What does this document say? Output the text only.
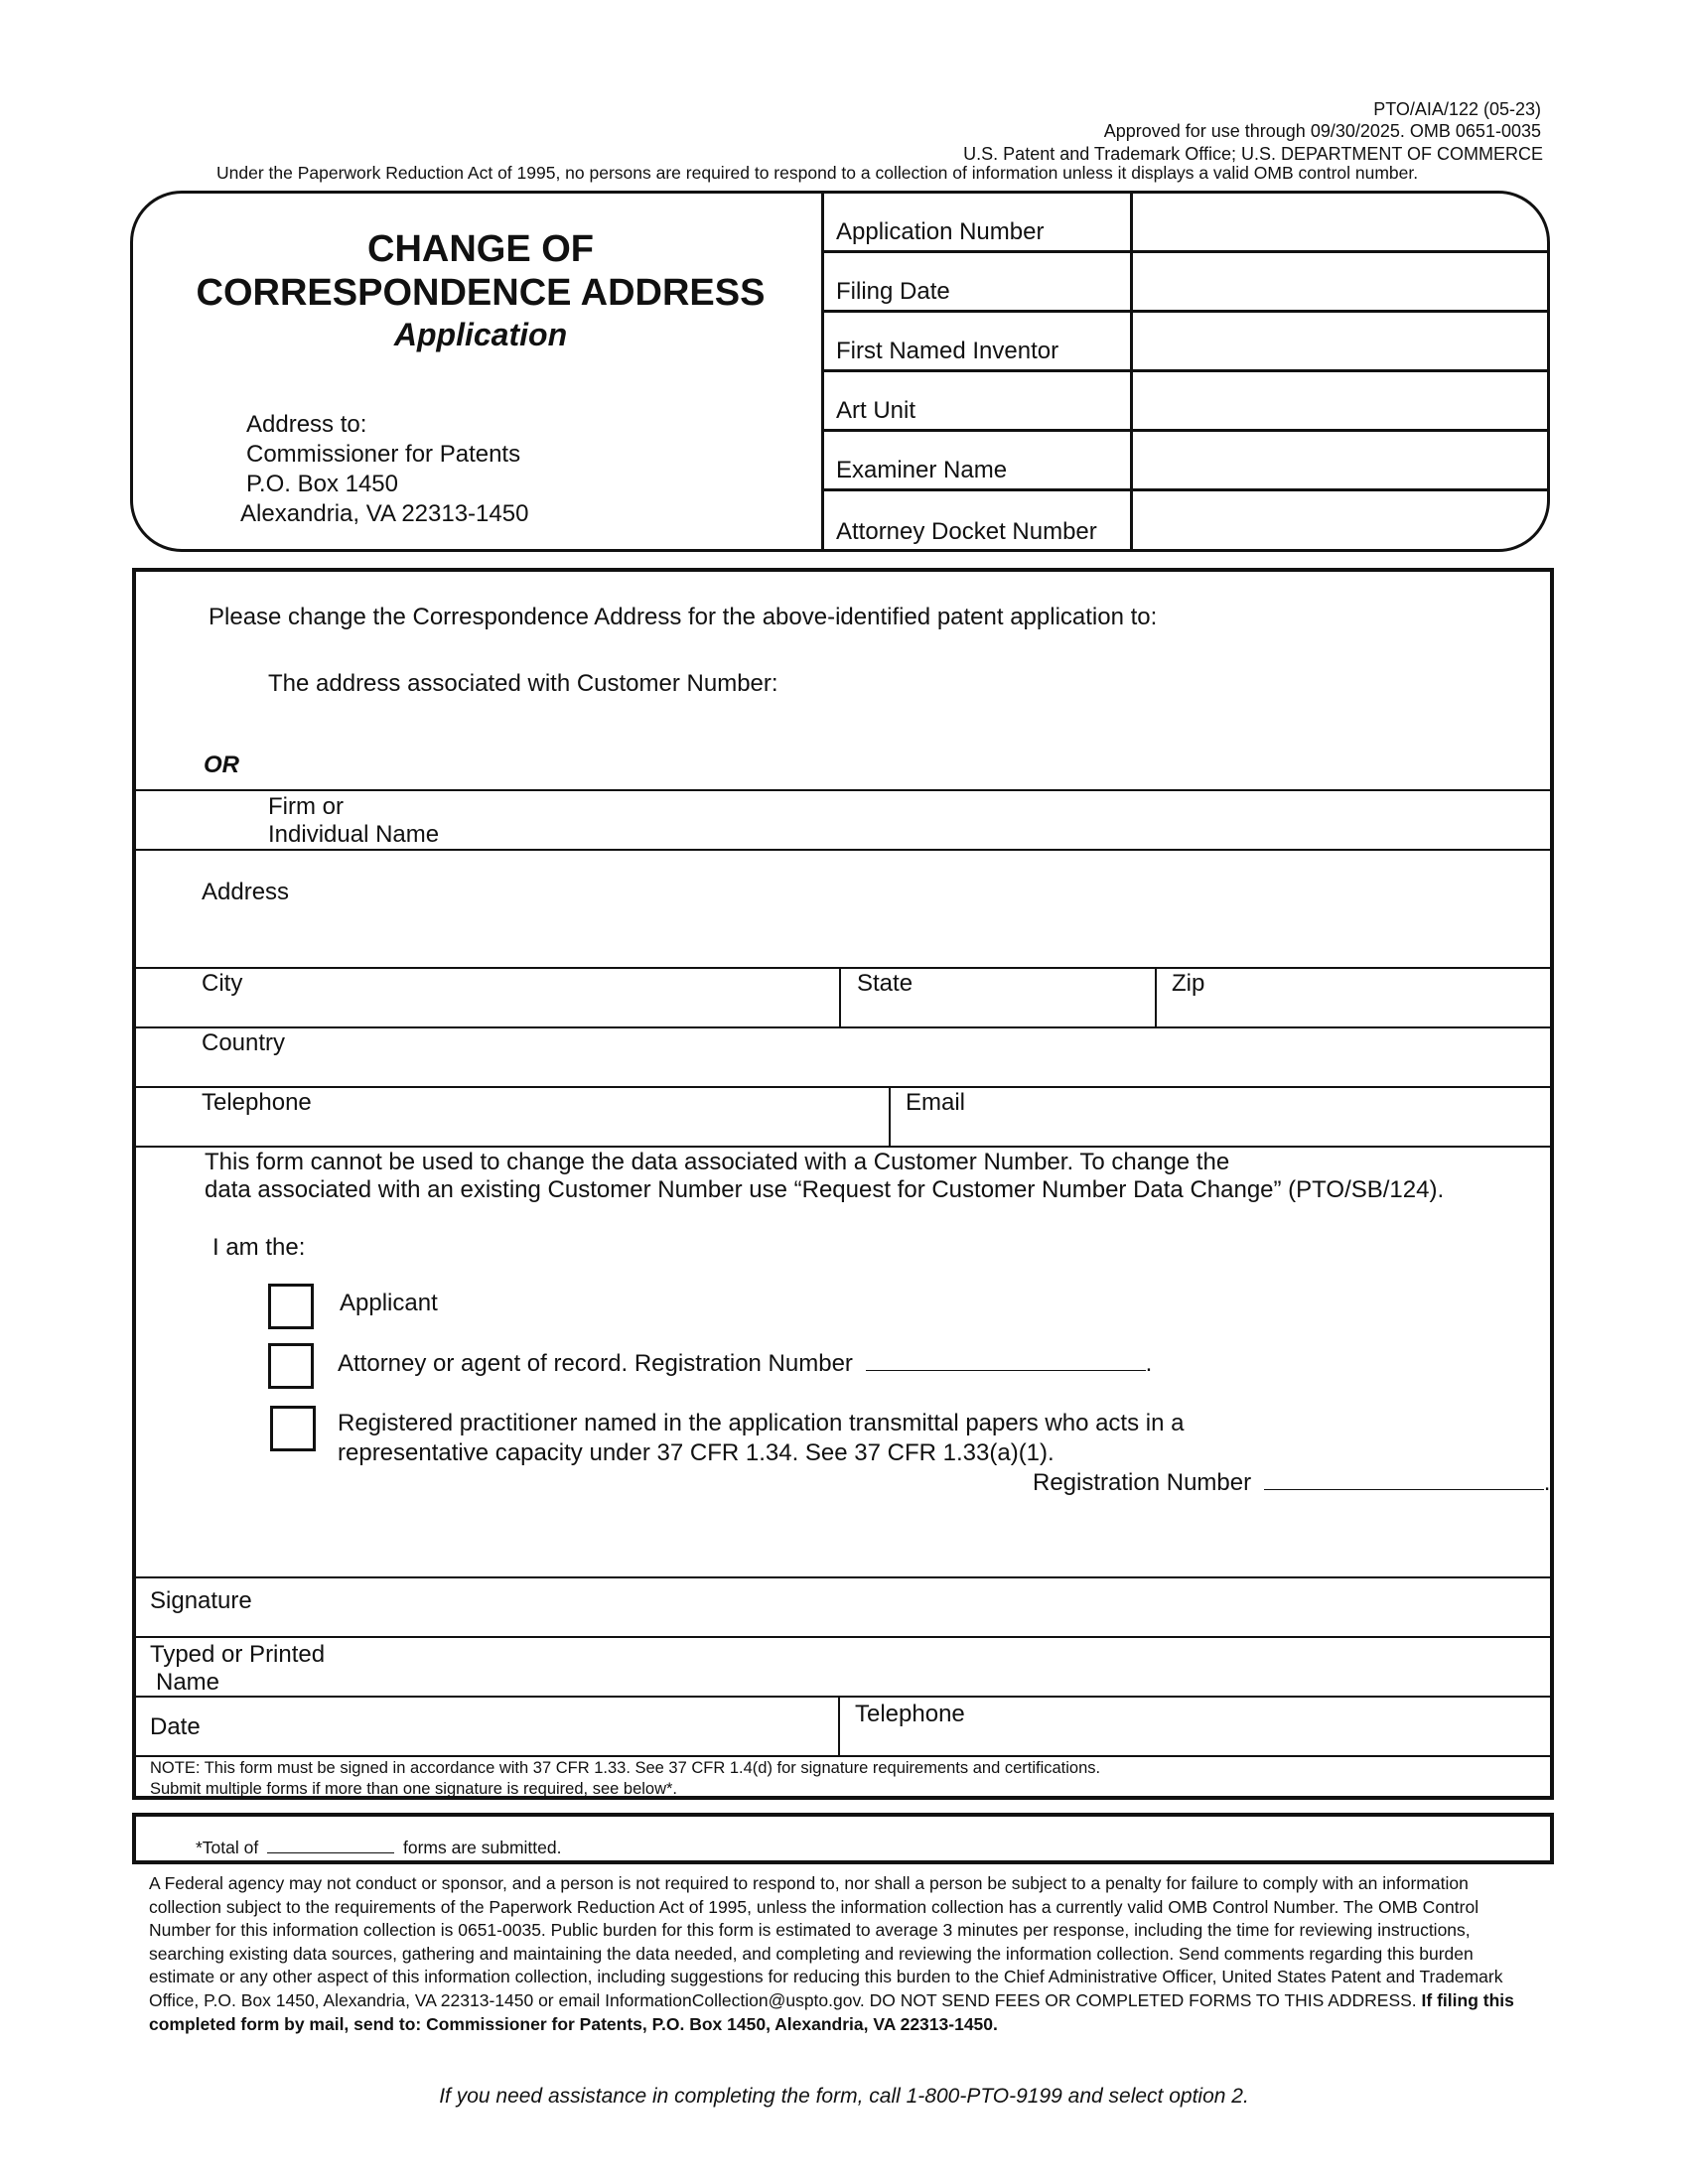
PTO/AIA/122 (05-23)
Approved for use through 09/30/2025. OMB 0651-0035
U.S. Patent and Trademark Office; U.S. DEPARTMENT OF COMMERCE
Under the Paperwork Reduction Act of 1995, no persons are required to respond to a collection of information unless it displays a valid OMB control number.
CHANGE OF
CORRESPONDENCE ADDRESS
Application
Address to:
Commissioner for Patents
P.O. Box 1450
Alexandria, VA 22313-1450
Application Number
Filing Date
First Named Inventor
Art Unit
Examiner Name
Attorney Docket Number
Please change the Correspondence Address for the above-identified patent application to:
The address associated with Customer Number:
OR
Firm or
Individual Name
Address
City	State	Zip
Country
Telephone	Email
This form cannot be used to change the data associated with a Customer Number. To change the
data associated with an existing Customer Number use “Request for Customer Number Data Change” (PTO/SB/124).
I am the:
Applicant
Attorney or agent of record. Registration Number	.
Registered practitioner named in the application transmittal papers who acts in a
representative capacity under 37 CFR 1.34. See 37 CFR 1.33(a)(1).
Registration Number	.
Signature
Typed or Printed
Name
Date	Telephone
NOTE: This form must be signed in accordance with 37 CFR 1.33. See 37 CFR 1.4(d) for signature requirements and certifications.
Submit multiple forms if more than one signature is required, see below*.
*Total of	forms are submitted.
A Federal agency may not conduct or sponsor, and a person is not required to respond to, nor shall a person be subject to a penalty for failure to comply with an information collection subject to the requirements of the Paperwork Reduction Act of 1995, unless the information collection has a currently valid OMB Control Number. The OMB Control Number for this information collection is 0651-0035. Public burden for this form is estimated to average 3 minutes per response, including the time for reviewing instructions, searching existing data sources, gathering and maintaining the data needed, and completing and reviewing the information collection. Send comments regarding this burden estimate or any other aspect of this information collection, including suggestions for reducing this burden to the Chief Administrative Officer, United States Patent and Trademark Office, P.O. Box 1450, Alexandria, VA 22313-1450 or email InformationCollection@uspto.gov. DO NOT SEND FEES OR COMPLETED FORMS TO THIS ADDRESS. If filing this completed form by mail, send to: Commissioner for Patents, P.O. Box 1450, Alexandria, VA 22313-1450.
If you need assistance in completing the form, call 1-800-PTO-9199 and select option 2.
